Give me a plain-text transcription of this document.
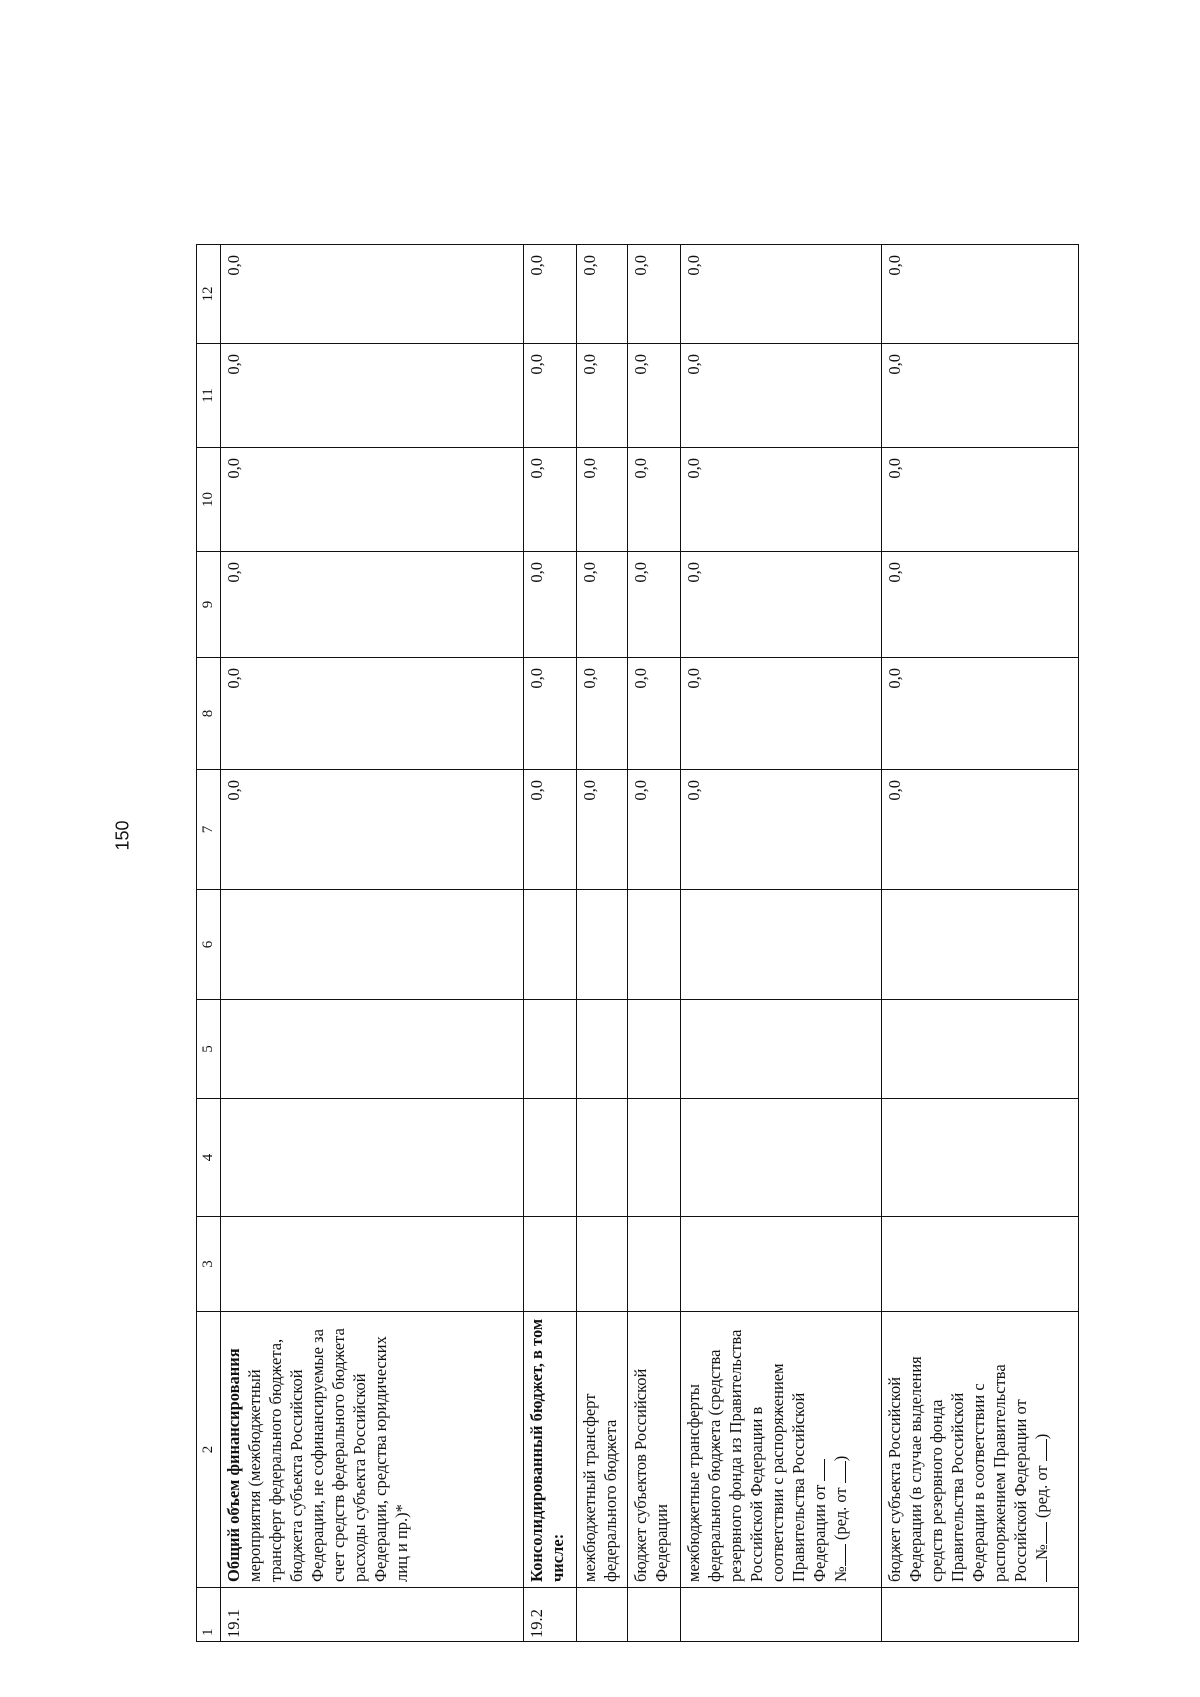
150
1	2	3	4	5	6	7	8	9	10	11	12
19.1	Общий объем финансирования мероприятия (межбюджетный трансферт федерального бюджета, бюджета субъекта Российской Федерации, не софинансируемые за счет средств федерального бюджета расходы субъекта Российской Федерации, средства юридических лиц и пр.)*					0,0	0,0	0,0	0,0	0,0	0,0
19.2	Консолидированный бюджет, в том числе:					0,0	0,0	0,0	0,0	0,0	0,0
	межбюджетный трансферт федерального бюджета					0,0	0,0	0,0	0,0	0,0	0,0
	бюджет субъектов Российской Федерации					0,0	0,0	0,0	0,0	0,0	0,0
	межбюджетные трансферты федерального бюджета (средства резервного фонда из Правительства Российской Федерации в соответствии с распоряжением Правительства Российской Федерации от № (ред. от )					0,0	0,0	0,0	0,0	0,0	0,0
	бюджет субъекта Российской Федерации (в случае выделения средств резервного фонда Правительства Российской Федерации в соответствии с распоряжением Правительства Российской Федерации от № (ред. от )					0,0	0,0	0,0	0,0	0,0	0,0
